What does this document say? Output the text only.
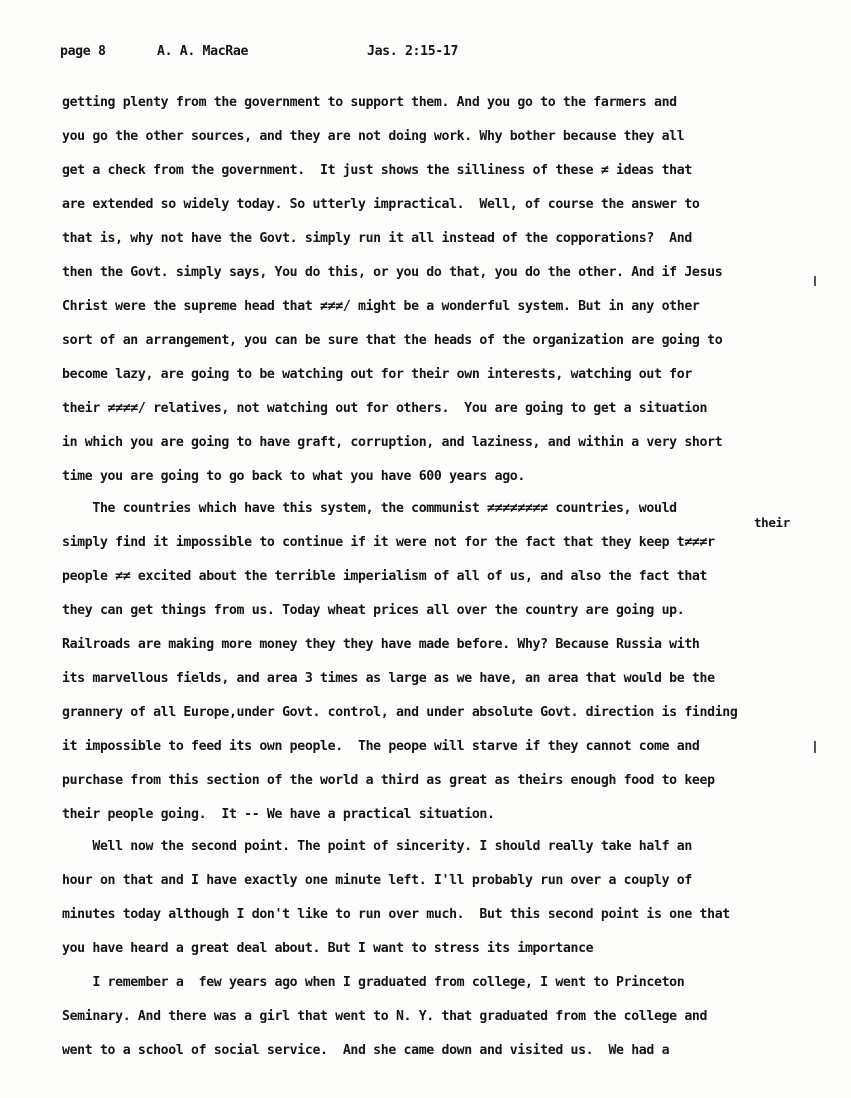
page 8	A. A. MacRae	Jas. 2:15-17
getting plenty from the government to support them. And you go to the farmers and
you go the other sources, and they are not doing work. Why bother because they all
get a check from the government.  It just shows the silliness of these ≠ ideas that
are extended so widely today. So utterly impractical.  Well, of course the answer to
that is, why not have the Govt. simply run it all instead of the copporations?  And
then the Govt. simply says, You do this, or you do that, you do the other. And if Jesus
Christ were the supreme head that ≠≠≠/ might be a wonderful system. But in any other
sort of an arrangement, you can be sure that the heads of the organization are going to
become lazy, are going to be watching out for their own interests, watching out for
their ≠≠≠≠/ relatives, not watching out for others.  You are going to get a situation
in which you are going to have graft, corruption, and laziness, and within a very short
time you are going to go back to what you have 600 years ago.
The countries which have this system, the communist ≠≠≠≠≠≠≠≠ countries, would
their
simply find it impossible to continue if it were not for the fact that they keep t≠≠≠r
people ≠≠ excited about the terrible imperialism of all of us, and also the fact that
they can get things from us. Today wheat prices all over the country are going up.
Railroads are making more money they they have made before. Why? Because Russia with
its marvellous fields, and area 3 times as large as we have, an area that would be the
grannery of all Europe,under Govt. control, and under absolute Govt. direction is finding
it impossible to feed its own people.  The peope will starve if they cannot come and
purchase from this section of the world a third as great as theirs enough food to keep
their people going.  It -- We have a practical situation.
Well now the second point. The point of sincerity. I should really take half an
hour on that and I have exactly one minute left. I'll probably run over a couply of
minutes today although I don't like to run over much.  But this second point is one that
you have heard a great deal about. But I want to stress its importance
I remember a  few years ago when I graduated from college, I went to Princeton
Seminary. And there was a girl that went to N. Y. that graduated from the college and
went to a school of social service.  And she came down and visited us.  We had a
